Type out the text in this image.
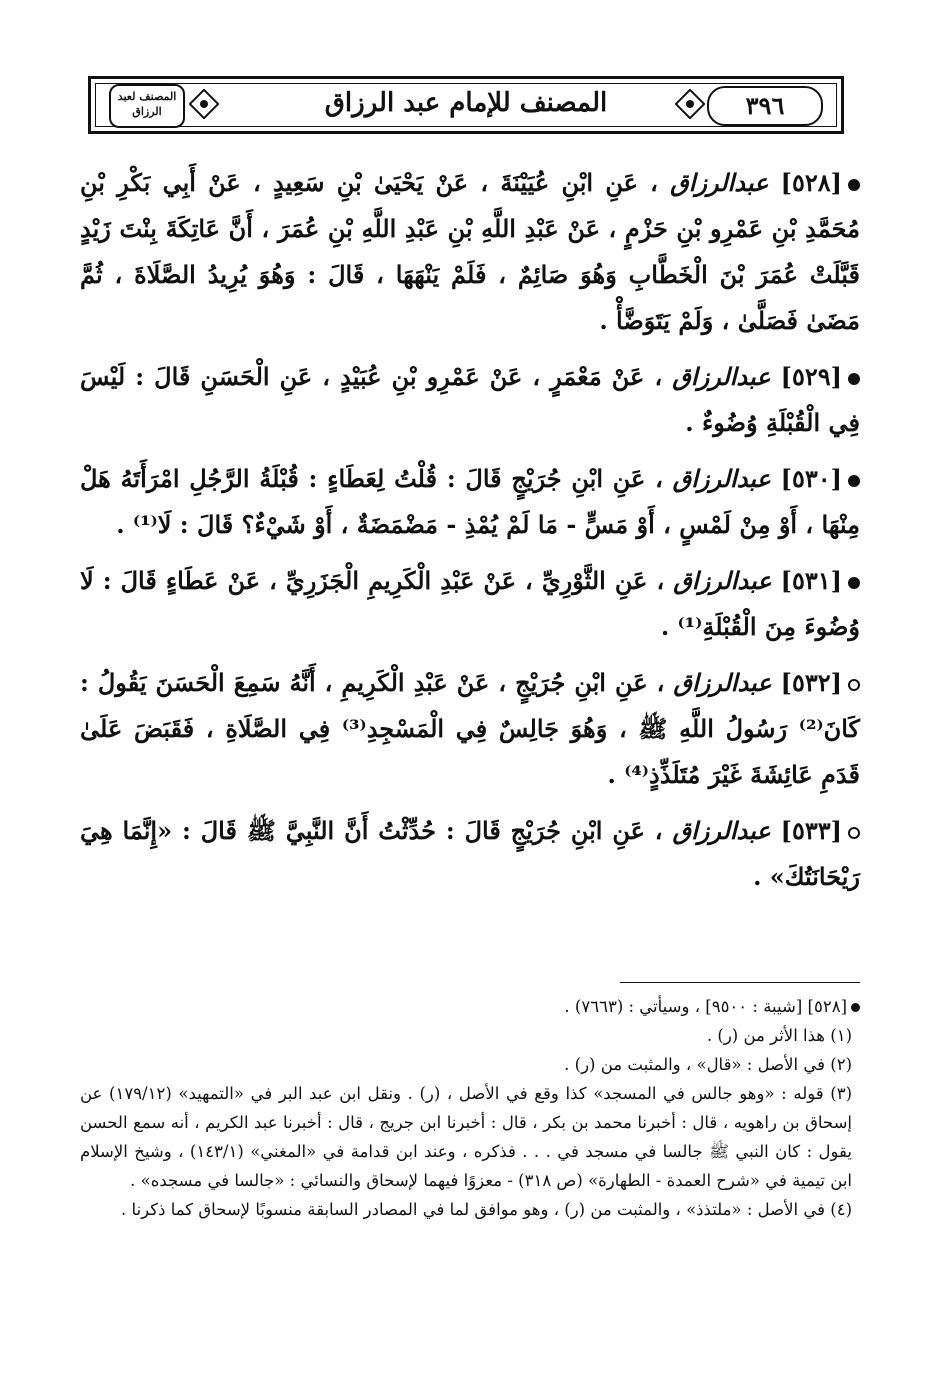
٣٩٦
المصنف للإمام عبد الرزاق
المصنف لعبد الرزاق
[٥٢٨] عبدالرزاق ، عَنِ ابْنِ عُيَيْنَةَ ، عَنْ يَحْيَىٰ بْنِ سَعِيدٍ ، عَنْ أَبِي بَكْرِ بْنِ مُحَمَّدِ بْنِ عَمْرِو بْنِ حَزْمٍ ، عَنْ عَبْدِ اللَّهِ بْنِ عَبْدِ اللَّهِ بْنِ عُمَرَ ، أَنَّ عَاتِكَةَ بِنْتَ زَيْدٍ قَبَّلَتْ عُمَرَ بْنَ الْخَطَّابِ وَهُوَ صَائِمٌ ، فَلَمْ يَنْهَهَا ، قَالَ : وَهُوَ يُرِيدُ الصَّلَاةَ ، ثُمَّ مَضَىٰ فَصَلَّىٰ ، وَلَمْ يَتَوَضَّأْ .
[٥٢٩] عبدالرزاق ، عَنْ مَعْمَرٍ ، عَنْ عَمْرِو بْنِ عُبَيْدٍ ، عَنِ الْحَسَنِ قَالَ : لَيْسَ فِي الْقُبْلَةِ وُضُوءٌ .
[٥٣٠] عبدالرزاق ، عَنِ ابْنِ جُرَيْجٍ قَالَ : قُلْتُ لِعَطَاءٍ : قُبْلَةُ الرَّجُلِ امْرَأَتَهُ هَلْ مِنْهَا ، أَوْ مِنْ لَمْسٍ ، أَوْ مَسٍّ - مَا لَمْ يُمْذِ - مَضْمَضَةٌ ، أَوْ شَيْءٌ؟ قَالَ : لَا⁽¹⁾ .
[٥٣١] عبدالرزاق ، عَنِ الثَّوْرِيِّ ، عَنْ عَبْدِ الْكَرِيمِ الْجَزَرِيِّ ، عَنْ عَطَاءٍ قَالَ : لَا وُضُوءَ مِنَ الْقُبْلَةِ⁽¹⁾ .
[٥٣٢] عبدالرزاق ، عَنِ ابْنِ جُرَيْجٍ ، عَنْ عَبْدِ الْكَرِيمِ ، أَنَّهُ سَمِعَ الْحَسَنَ يَقُولُ : كَانَ⁽²⁾ رَسُولُ اللَّهِ ﷺ ، وَهُوَ جَالِسٌ فِي الْمَسْجِدِ⁽³⁾ فِي الصَّلَاةِ ، فَقَبَضَ عَلَىٰ قَدَمِ عَائِشَةَ غَيْرَ مُتَلَذِّذٍ⁽⁴⁾ .
[٥٣٣] عبدالرزاق ، عَنِ ابْنِ جُرَيْجٍ قَالَ : حُدِّثْتُ أَنَّ النَّبِيَّ ﷺ قَالَ : «إِنَّمَا هِيَ رَيْحَانَتُكَ» .
[٥٢٨] [شيبة : ٩٥٠٠] ، وسيأتي : (٧٦٦٣) .
(١) هذا الأثر من (ر) .
(٢) في الأصل : «قال» ، والمثبت من (ر) .
(٣) قوله : «وهو جالس في المسجد» كذا وقع في الأصل ، (ر) . ونقل ابن عبد البر في «التمهيد» (١٧٩/١٢) عن إسحاق بن راهويه ، قال : أخبرنا محمد بن بكر ، قال : أخبرنا ابن جريج ، قال : أخبرنا عبد الكريم ، أنه سمع الحسن يقول : كان النبي ﷺ جالسا في مسجد في . . . فذكره ، وعند ابن قدامة في «المغني» (١٤٣/١) ، وشيخ الإسلام ابن تيمية في «شرح العمدة - الطهارة» (ص ٣١٨) - معزوًا فيهما لإسحاق والنسائي : «جالسا في مسجده» .
(٤) في الأصل : «ملتذذ» ، والمثبت من (ر) ، وهو موافق لما في المصادر السابقة منسوبًا لإسحاق كما ذكرنا .
